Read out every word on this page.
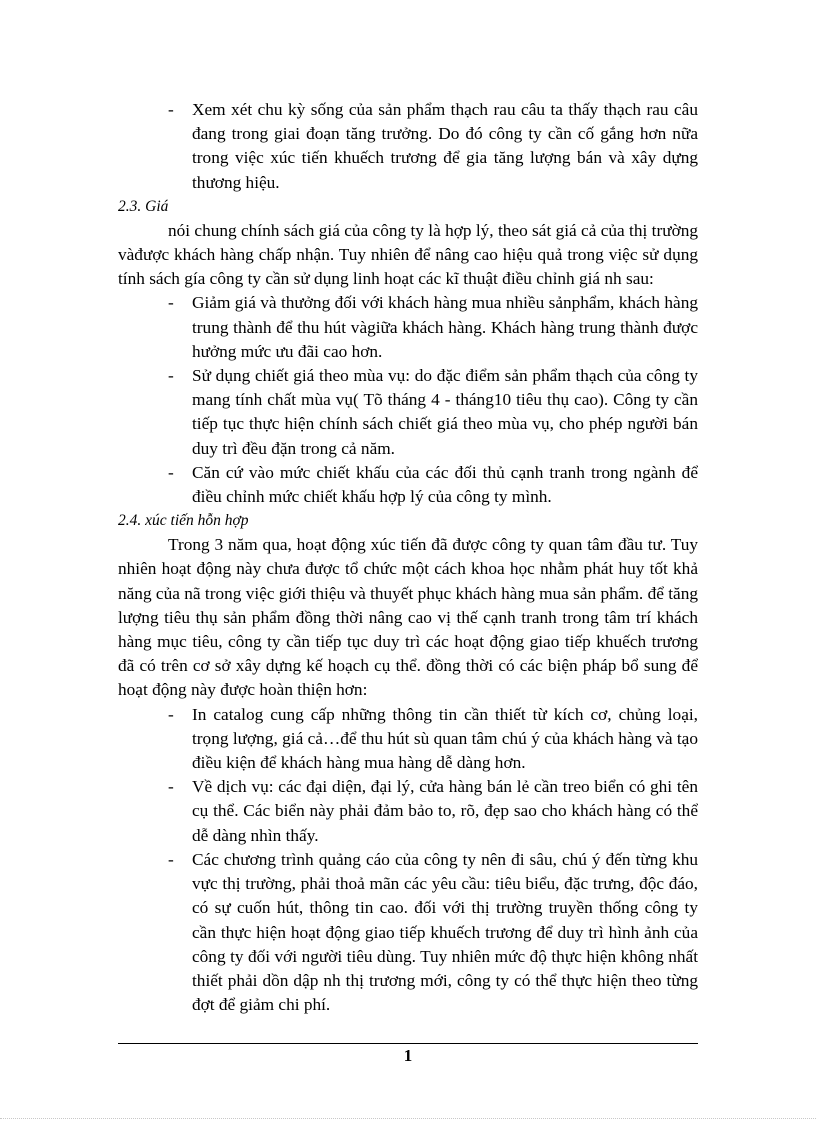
- Xem xét chu kỳ sống của sản phẩm thạch rau câu ta thấy thạch rau câu đang trong giai đoạn tăng trưởng. Do đó công ty cần cố gắng hơn nữa trong việc xúc tiến khuếch trương để gia tăng lượng bán và xây dựng thương hiệu.

2.3. Giá

nói chung chính sách giá của công ty là hợp lý, theo sát giá cả của thị trường vàđược khách hàng chấp nhận. Tuy nhiên để nâng cao hiệu quả trong việc sử dụng tính sách gía công ty cần sử dụng linh hoạt các kĩ thuật điều chỉnh giá nh sau:

- Giảm giá và thưởng đối với khách hàng mua nhiều sảnphẩm, khách hàng trung thành để thu hút vàgiữa khách hàng. Khách hàng trung thành được hưởng mức ưu đãi cao hơn.
- Sử dụng chiết giá theo mùa vụ: do đặc điểm sản phẩm thạch của công ty mang tính chất mùa vụ( Tõ tháng 4 - tháng10 tiêu thụ cao). Công ty cần tiếp tục thực hiện chính sách chiết giá theo mùa vụ, cho phép người bán duy trì đều đặn trong cả năm.
- Căn cứ vào mức chiết khấu của các đối thủ cạnh tranh trong ngành để điều chỉnh mức chiết khấu hợp lý của công ty mình.

2.4. xúc tiến hỗn hợp

Trong 3 năm qua, hoạt động xúc tiến đã được công ty quan tâm đầu tư. Tuy nhiên hoạt động này chưa được tổ chức một cách khoa học nhằm phát huy tốt khả năng của nã trong việc giới thiệu và thuyết phục khách hàng mua sản phẩm. để tăng lượng tiêu thụ sản phẩm đồng thời nâng cao vị thế cạnh tranh trong tâm trí khách hàng mục tiêu, công ty cần tiếp tục duy trì các hoạt động giao tiếp khuếch trương đã có trên cơ sở xây dựng kế hoạch cụ thể. đồng thời có các biện pháp bổ sung để hoạt động này được hoàn thiện hơn:

- In catalog cung cấp những thông tin cần thiết từ kích cơ, chủng loại, trọng lượng, giá cả…để thu hút sù quan tâm chú ý của khách hàng và tạo điều kiện để khách hàng mua hàng dễ dàng hơn.
- Về dịch vụ: các đại diện, đại lý, cửa hàng bán lẻ cần treo biển có ghi tên cụ thể. Các biển này phải đảm bảo to, rõ, đẹp sao cho khách hàng có thể dễ dàng nhìn thấy.
- Các chương trình quảng cáo của công ty nên đi sâu, chú ý đến từng khu vực thị trường, phải thoả mãn các yêu cầu: tiêu biểu, đặc trưng, độc đáo, có sự cuốn hút, thông tin cao. đối với thị trường truyền thống công ty cần thực hiện hoạt động giao tiếp khuếch trương để duy trì hình ảnh của công ty đối với người tiêu dùng. Tuy nhiên mức độ thực hiện không nhất thiết phải dồn dập nh thị trương mới, công ty có thể thực hiện theo từng đợt để giảm chi phí.
1
